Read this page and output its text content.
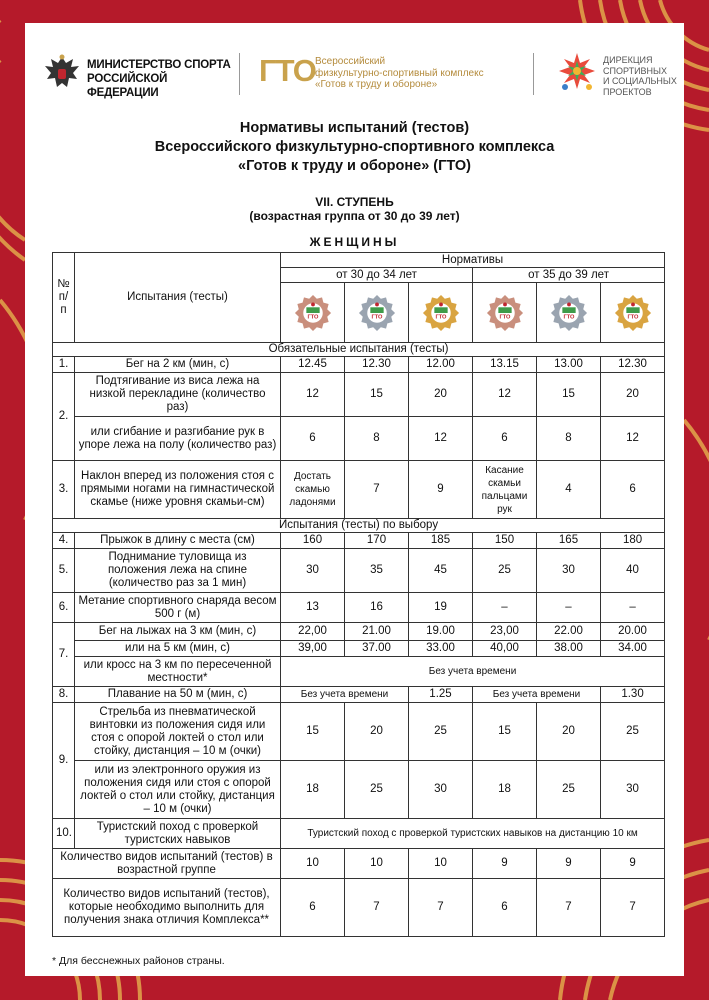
МИНИСТЕРСТВО СПОРТА
РОССИЙСКОЙ ФЕДЕРАЦИИ
ГТО Всероссийский
физкультурно-спортивный комплекс
«Готов к труду и обороне»
ДИРЕКЦИЯ
СПОРТИВНЫХ
И СОЦИАЛЬНЫХ
ПРОЕКТОВ
Нормативы испытаний (тестов)
Всероссийского физкультурно-спортивного комплекса
«Готов к труду и обороне» (ГТО)
VII. СТУПЕНЬ
(возрастная группа от 30 до 39 лет)
ЖЕНЩИНЫ
№ п/п	Испытания (тесты)	Нормативы					
		от 30 до 34 лет			от 35 до 39 лет		

ГТО	ГТО	ГТО	ГТО	ГТО	ГТО

Обязательные испытания (тесты)							
1.	Бег на 2 км (мин, с)	12.45	12.30	12.00	13.15	13.00	12.30
2.	Подтягивание из виса лежа на низкой перекладине (количество раз)	12	15	20	12	15	20
	или сгибание и разгибание рук в упоре лежа на полу (количество раз)	6	8	12	6	8	12
3.	Наклон вперед из положения стоя с прямыми ногами на гимнастической скамье (ниже уровня скамьи-см)	Достать скамью ладонями	7	9	Касание скамьи пальцами рук	4	6
Испытания (тесты) по выбору							
4.	Прыжок в длину с места (см)	160	170	185	150	165	180
5.	Поднимание туловища из положения лежа на спине (количество раз за 1 мин)	30	35	45	25	30	40
6.	Метание спортивного снаряда весом 500 г (м)	13	16	19	–	–	–
7.	Бег на лыжах на 3 км (мин, с)	22,00	21.00	19.00	23,00	22.00	20.00
	или на 5 км (мин, с)	39,00	37.00	33.00	40,00	38.00	34.00
	или кросс на 3 км по пересеченной местности*	Без учета времени					
8.	Плавание на 50 м (мин, с)	Без учета времени		1.25	Без учета времени		1.30
9.	Стрельба из пневматической винтовки из положения сидя или стоя с опорой локтей о стол или стойку, дистанция – 10 м (очки)	15	20	25	15	20	25
	или из электронного оружия из положения сидя или стоя с опорой локтей о стол или стойку, дистанция – 10 м (очки)	18	25	30	18	25	30
10.	Туристский поход с проверкой туристских навыков	Туристский поход с проверкой туристских навыков на дистанцию 10 км					
Количество видов испытаний (тестов) в возрастной группе		10	10	10	9	9	9
Количество видов испытаний (тестов), которые необходимо выполнить для получения знака отличия Комплекса**		6	7	7	6	7	7
* Для бесснежных районов страны.
